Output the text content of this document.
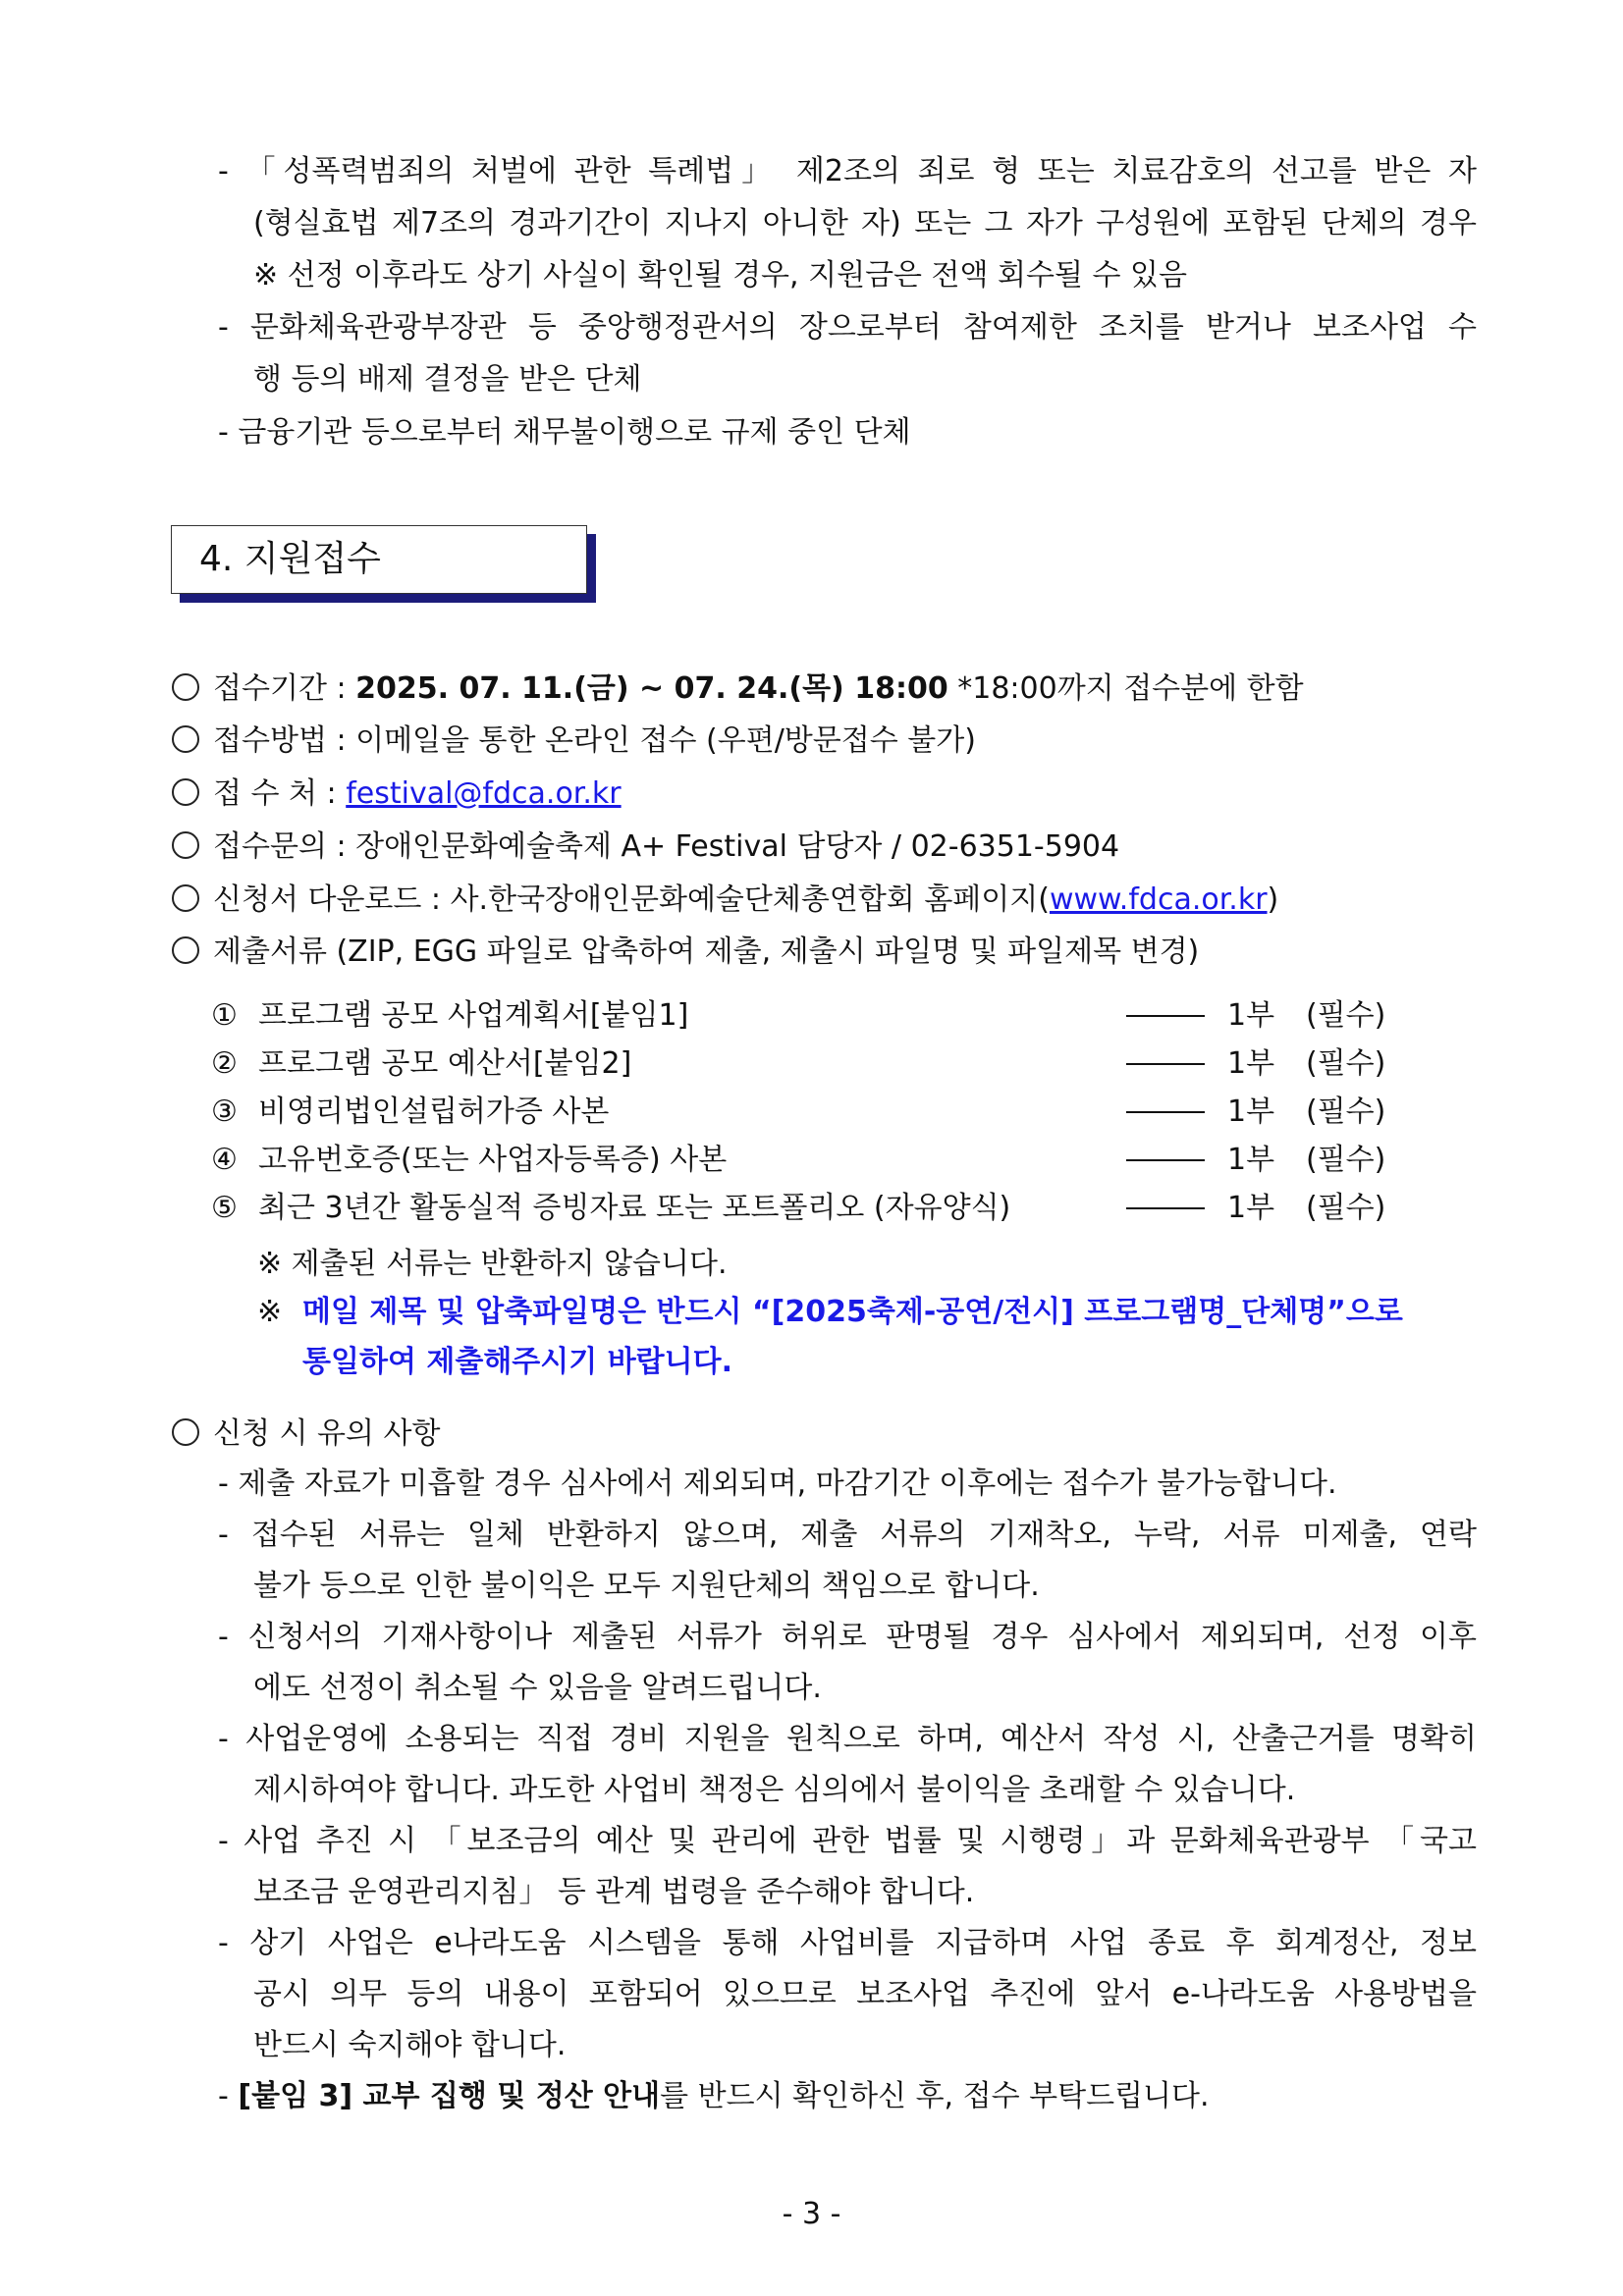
- 「성폭력범죄의 처벌에 관한 특례법」 제2조의 죄로 형 또는 치료감호의 선고를 받은 자
(형실효법 제7조의 경과기간이 지나지 아니한 자) 또는 그 자가 구성원에 포함된 단체의 경우
※ 선정 이후라도 상기 사실이 확인될 경우, 지원금은 전액 회수될 수 있음
- 문화체육관광부장관 등 중앙행정관서의 장으로부터 참여제한 조치를 받거나 보조사업 수
행 등의 배제 결정을 받은 단체
- 금융기관 등으로부터 채무불이행으로 규제 중인 단체
4. 지원접수
접수기간 : 2025. 07. 11.(금) ~ 07. 24.(목) 18:00 *18:00까지 접수분에 한함
접수방법 : 이메일을 통한 온라인 접수 (우편/방문접수 불가)
접 수 처 : festival@fdca.or.kr
접수문의 : 장애인문화예술축제 A+ Festival 담당자 / 02-6351-5904
신청서 다운로드 : 사.한국장애인문화예술단체총연합회 홈페이지(www.fdca.or.kr)
제출서류 (ZIP, EGG 파일로 압축하여 제출, 제출시 파일명 및 파일제목 변경)
① 프로그램 공모 사업계획서[붙임1]	1부 (필수)
② 프로그램 공모 예산서[붙임2]	1부 (필수)
③ 비영리법인설립허가증 사본	1부 (필수)
④ 고유번호증(또는 사업자등록증) 사본	1부 (필수)
⑤ 최근 3년간 활동실적 증빙자료 또는 포트폴리오 (자유양식)	1부 (필수)
※ 제출된 서류는 반환하지 않습니다.
※ 메일 제목 및 압축파일명은 반드시 “[2025축제-공연/전시] 프로그램명_단체명”으로
통일하여 제출해주시기 바랍니다.
신청 시 유의 사항
- 제출 자료가 미흡할 경우 심사에서 제외되며, 마감기간 이후에는 접수가 불가능합니다.
- 접수된 서류는 일체 반환하지 않으며, 제출 서류의 기재착오, 누락, 서류 미제출, 연락
불가 등으로 인한 불이익은 모두 지원단체의 책임으로 합니다.
- 신청서의 기재사항이나 제출된 서류가 허위로 판명될 경우 심사에서 제외되며, 선정 이후
에도 선정이 취소될 수 있음을 알려드립니다.
- 사업운영에 소용되는 직접 경비 지원을 원칙으로 하며, 예산서 작성 시, 산출근거를 명확히
제시하여야 합니다. 과도한 사업비 책정은 심의에서 불이익을 초래할 수 있습니다.
- 사업 추진 시 「보조금의 예산 및 관리에 관한 법률 및 시행령」과 문화체육관광부 「국고
보조금 운영관리지침」 등 관계 법령을 준수해야 합니다.
- 상기 사업은 e나라도움 시스템을 통해 사업비를 지급하며 사업 종료 후 회계정산, 정보
공시 의무 등의 내용이 포함되어 있으므로 보조사업 추진에 앞서 e-나라도움 사용방법을
반드시 숙지해야 합니다.
- [붙임 3] 교부 집행 및 정산 안내를 반드시 확인하신 후, 접수 부탁드립니다.
- 3 -
